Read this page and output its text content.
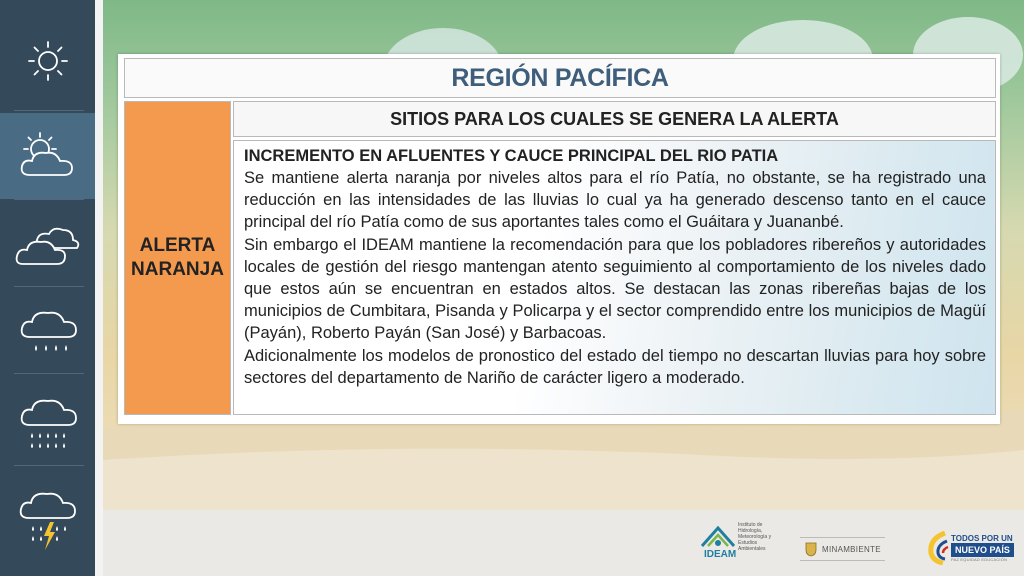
REGIÓN PACÍFICA
ALERTA
NARANJA
SITIOS PARA LOS CUALES SE GENERA LA ALERTA
INCREMENTO EN AFLUENTES Y CAUCE PRINCIPAL DEL RIO PATIA

Se mantiene alerta naranja por niveles altos para el río Patía, no obstante, se ha registrado una reducción en las intensidades de las lluvias lo cual ya ha generado descenso tanto en el cauce principal del río Patía como de sus aportantes tales como el Guáitara y Juananbé.

Sin embargo el IDEAM mantiene la recomendación para que los pobladores ribereños y autoridades locales de gestión del riesgo mantengan atento seguimiento al comportamiento de los niveles dado que estos aún se encuentran en estados altos. Se destacan las zonas ribereñas bajas de los municipios de Cumbitara, Pisanda y Policarpa y el sector comprendido entre los municipios de Magüí (Payán), Roberto Payán (San José) y Barbacoas.

Adicionalmente los modelos de pronostico del estado del tiempo no descartan lluvias para hoy sobre sectores del departamento de Nariño de carácter ligero a moderado.

Instituto de Hidrología, Meteorología y Estudios Ambientales
IDEAM	MINAMBIENTE
TODOS POR UN
NUEVO PAÍS
PAZ EQUIDAD EDUCACIÓN
